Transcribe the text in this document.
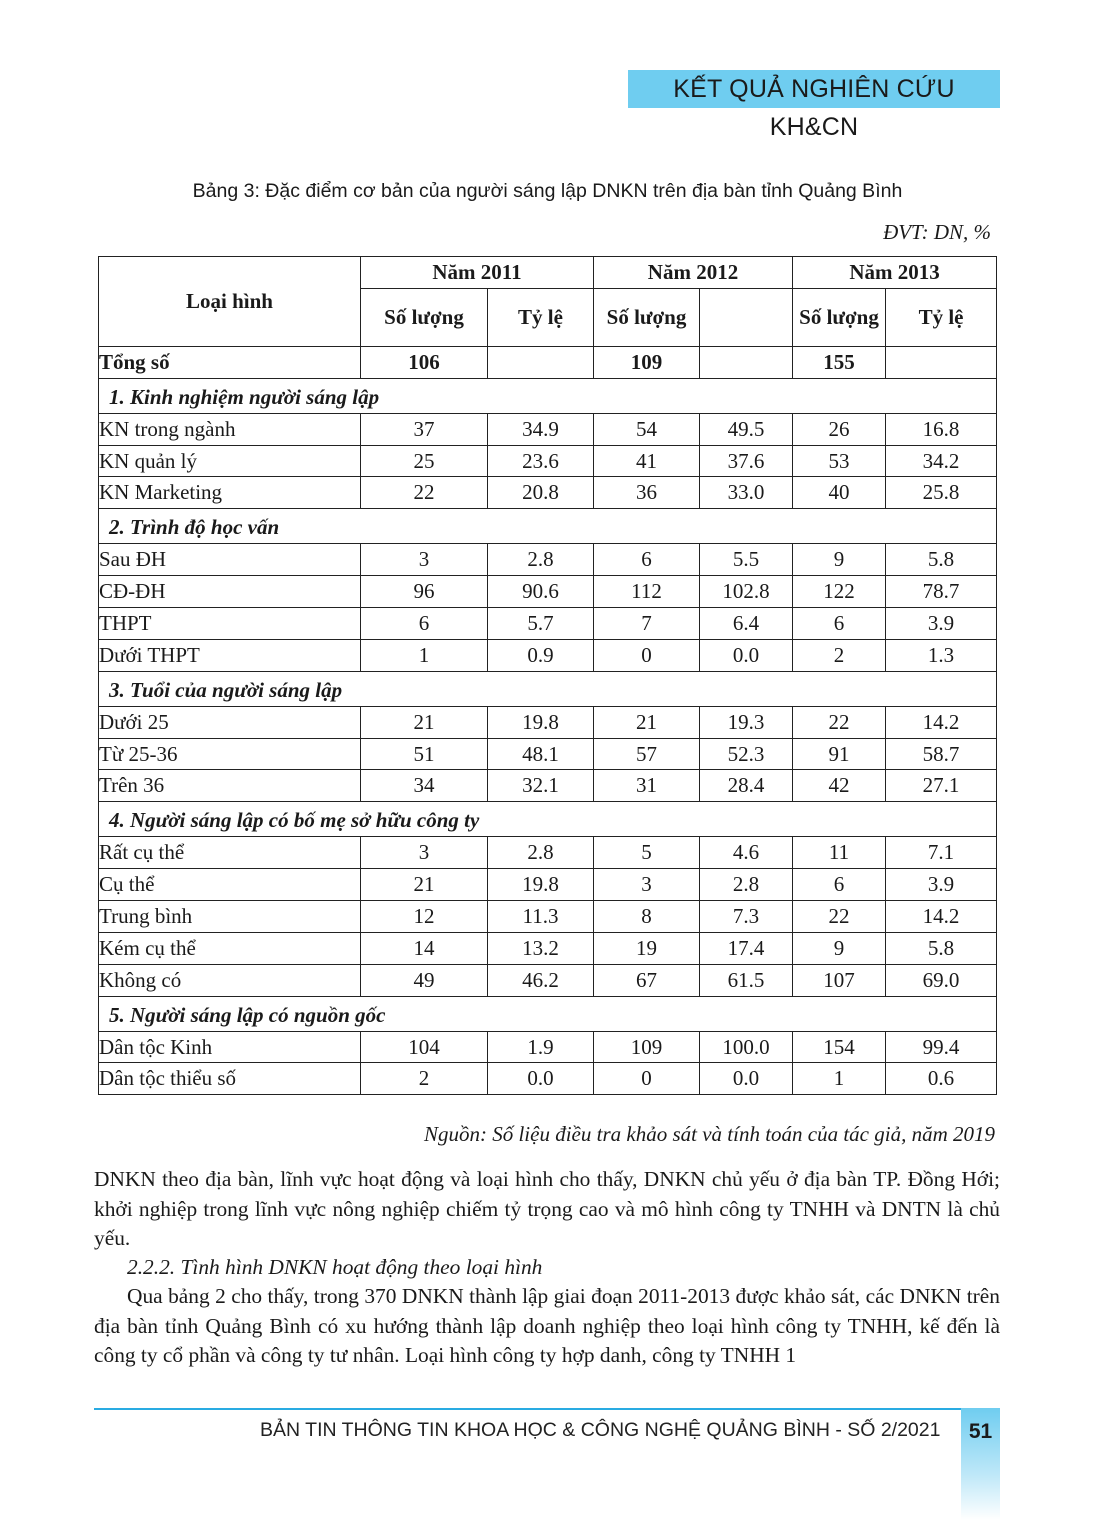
KẾT QUẢ NGHIÊN CỨU KH&CN
Bảng 3: Đặc điểm cơ bản của người sáng lập DNKN trên địa bàn tỉnh Quảng Bình
ĐVT: DN, %
Loại hình	Năm 2011		Năm 2012		Năm 2013	
	Số lượng	Tỷ lệ	Số lượng		Số lượng	Tỷ lệ
Tổng số	106		109		155	
1. Kinh nghiệm người sáng lập						
KN trong ngành	37	34.9	54	49.5	26	16.8
KN quản lý	25	23.6	41	37.6	53	34.2
KN Marketing	22	20.8	36	33.0	40	25.8
2. Trình độ học vấn						
Sau ĐH	3	2.8	6	5.5	9	5.8
CĐ-ĐH	96	90.6	112	102.8	122	78.7
THPT	6	5.7	7	6.4	6	3.9
Dưới THPT	1	0.9	0	0.0	2	1.3
3. Tuổi của người sáng lập						
Dưới 25	21	19.8	21	19.3	22	14.2
Từ 25-36	51	48.1	57	52.3	91	58.7
Trên 36	34	32.1	31	28.4	42	27.1
4. Người sáng lập có bố mẹ sở hữu công ty						
Rất cụ thể	3	2.8	5	4.6	11	7.1
Cụ thể	21	19.8	3	2.8	6	3.9
Trung bình	12	11.3	8	7.3	22	14.2
Kém cụ thể	14	13.2	19	17.4	9	5.8
Không có	49	46.2	67	61.5	107	69.0
5. Người sáng lập có nguồn gốc						
Dân tộc Kinh	104	1.9	109	100.0	154	99.4
Dân tộc thiểu số	2	0.0	0	0.0	1	0.6
Nguồn: Số liệu điều tra khảo sát và tính toán của tác giả, năm 2019

DNKN theo địa bàn, lĩnh vực hoạt động và loại hình cho thấy, DNKN chủ yếu ở địa bàn TP. Đồng Hới; khởi nghiệp trong lĩnh vực nông nghiệp chiếm tỷ trọng cao và mô hình công ty TNHH và DNTN là chủ yếu.

2.2.2. Tình hình DNKN hoạt động theo loại hình

Qua bảng 2 cho thấy, trong 370 DNKN thành lập giai đoạn 2011-2013 được khảo sát, các DNKN trên địa bàn tỉnh Quảng Bình có xu hướng thành lập doanh nghiệp theo loại hình công ty TNHH, kế đến là công ty cổ phần và công ty tư nhân. Loại hình công ty hợp danh, công ty TNHH 1

BẢN TIN THÔNG TIN KHOA HỌC & CÔNG NGHỆ QUẢNG BÌNH - SỐ 2/2021	51
